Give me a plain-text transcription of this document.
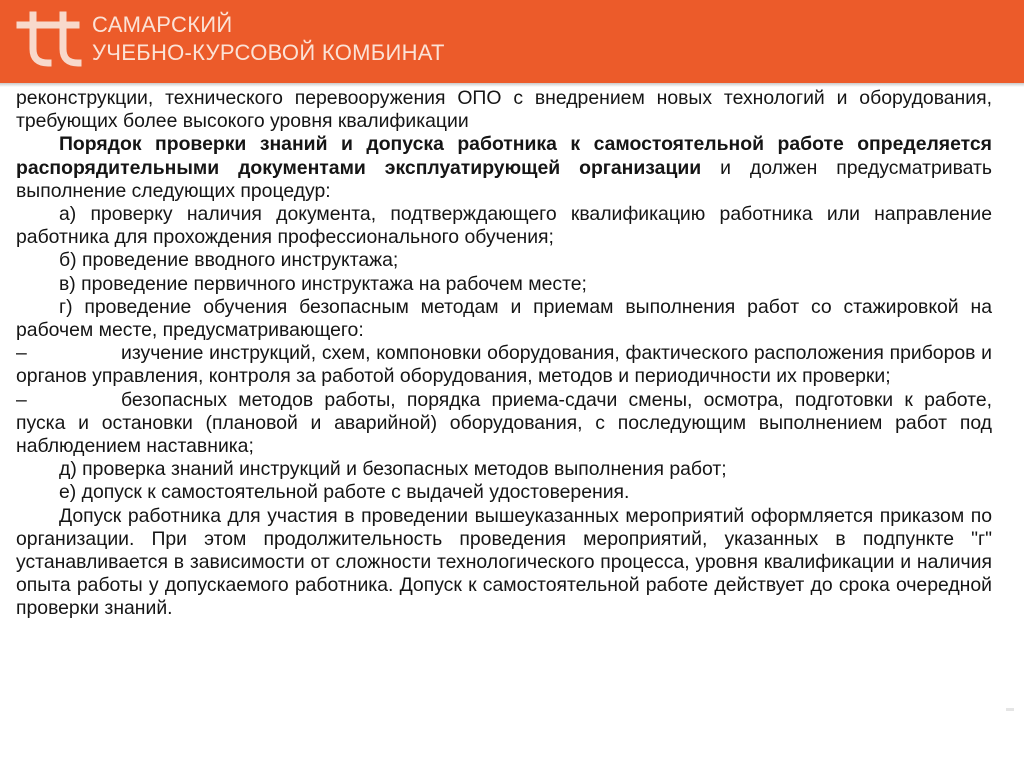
САМАРСКИЙ
УЧЕБНО-КУРСОВОЙ КОМБИНАТ

реконструкции, технического перевооружения ОПО с внедрением новых технологий и оборудования, требующих более высокого уровня квалификации

Порядок проверки знаний и допуска работника к самостоятельной работе определяется распорядительными документами эксплуатирующей организации и должен предусматривать выполнение следующих процедур:

а) проверку наличия документа, подтверждающего квалификацию работника или направление работника для прохождения профессионального обучения;

б) проведение вводного инструктажа;

в) проведение первичного инструктажа на рабочем месте;

г) проведение обучения безопасным методам и приемам выполнения работ со стажировкой на рабочем месте, предусматривающего:

–	изучение инструкций, схем, компоновки оборудования, фактического расположения приборов и органов управления, контроля за работой оборудования, методов и периодичности их проверки;

–	безопасных методов работы, порядка приема-сдачи смены, осмотра, подготовки к работе, пуска и остановки (плановой и аварийной) оборудования, с последующим выполнением работ под наблюдением наставника;

д) проверка знаний инструкций и безопасных методов выполнения работ;

е) допуск к самостоятельной работе с выдачей удостоверения.

Допуск работника для участия в проведении вышеуказанных мероприятий оформляется приказом по организации. При этом продолжительность проведения мероприятий, указанных в подпункте "г" устанавливается в зависимости от сложности технологического процесса, уровня квалификации и наличия опыта работы у допускаемого работника. Допуск к самостоятельной работе действует до срока очередной проверки знаний.
